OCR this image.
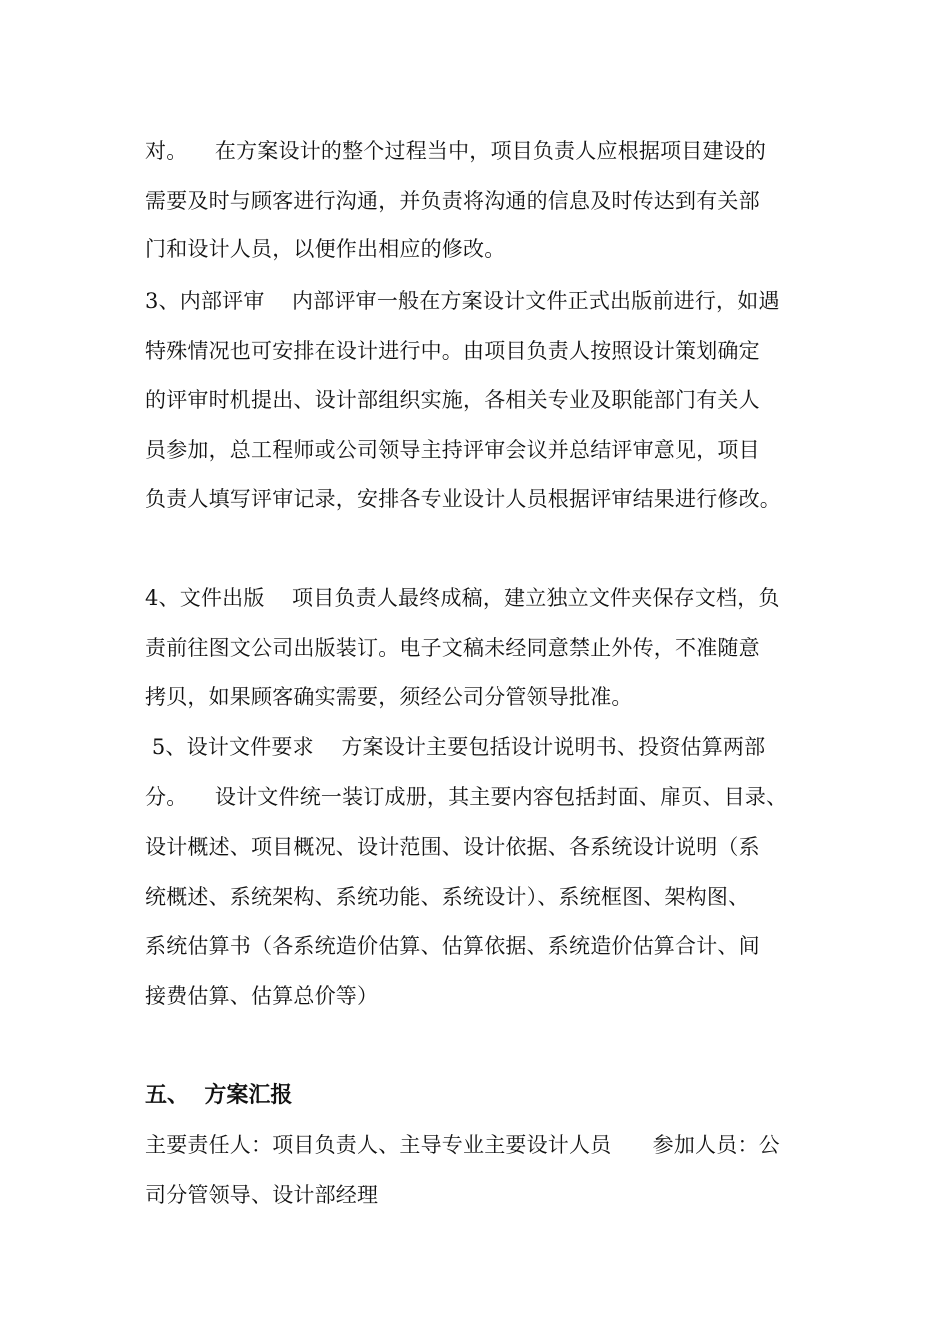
对。    在方案设计的整个过程当中，项目负责人应根据项目建设的
需要及时与顾客进行沟通，并负责将沟通的信息及时传达到有关部
门和设计人员，以便作出相应的修改。
3、内部评审    内部评审一般在方案设计文件正式出版前进行，如遇
特殊情况也可安排在设计进行中。由项目负责人按照设计策划确定
的评审时机提出、设计部组织实施，各相关专业及职能部门有关人
员参加，总工程师或公司领导主持评审会议并总结评审意见，项目
负责人填写评审记录，安排各专业设计人员根据评审结果进行修改。
4、文件出版    项目负责人最终成稿，建立独立文件夹保存文档，负
责前往图文公司出版装订。电子文稿未经同意禁止外传，不准随意
拷贝，如果顾客确实需要，须经公司分管领导批准。
5、设计文件要求    方案设计主要包括设计说明书、投资估算两部
分。    设计文件统一装订成册，其主要内容包括封面、扉页、目录、
设计概述、项目概况、设计范围、设计依据、各系统设计说明（系
统概述、系统架构、系统功能、系统设计）、系统框图、架构图、
系统估算书（各系统造价估算、估算依据、系统造价估算合计、间
接费估算、估算总价等）
五、  方案汇报
主要责任人：项目负责人、主导专业主要设计人员      参加人员：公
司分管领导、设计部经理
